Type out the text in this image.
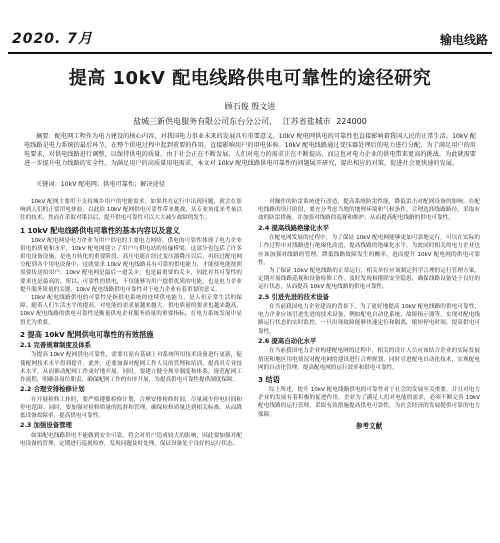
2020. 7月	输电线路
提高 10kV 配电线路供电可靠性的途径研究
顾石俊 殷文进
盐城三新供电服务有限公司东台分公司， 江苏省盐城市 224000
摘要：配电网工程作为电力建设的核心内容，对我国电力事业未来的发展具有重要意义。10kV 配电网供电的可靠性也直接影响着我国人民的正常生活。10kV 配电线路是电力系统的最后环节，在整个供电过程中起到重要的作用，直接影响用户的用电体验。10kV 配电线路通过变压器处理后的电力进行分配，为了满足用户的用电要求，对供电线路进行调整，以保持供电的质量。由于社会正在不断发展，人们对电力的需求正在不断提高，而这也对电力企业的供电带来更高的挑战，为此就需要进一步提升电力线路的安全性。为满足用户的高质量用电需求，本文对 10kV 配电线路供电可靠性的问题展开研究，提出相应的对策，促进社会更快速的发展。
关键词：10kV 配电网；供电可靠性；解决途径

10kV 配网主要用于支持城乡用户的电能需求。如果其在运行中出现问题，就会在影响到人们的正常用电体验，以此给 10kV 配网供电可靠性带来挑战，从专业角度来考量以往的技术，然而在采取对策以后，提升供电可靠性可以大大减少故障的发生。

1 10kV 配电线路供电可靠性的基本内容以及意义

10kV 配电网是电力企业为用户供电的主要电力网络。供电的可靠性体现了电力企业供电的质量和水平，10kV 配电网建立了用户与供电站的传输桥梁，这部分也包括了许多供电设备设施，是电力转化的重要阶段。高压电能在经过变压器降压以后，再经过配电网分配到各个用电设备中，这就要求 10kV 配电线路具有可靠的供电能力，才能使电能按照需要传送给用户。10kV 配电网是最后一道关卡，也是最重要的关卡，因此对其可靠性的要求也是最高的。所以，可靠性的供电，不仅能够为用户提供优质的电能，也是电力企业提升服务质量的关键，10kV 配电线路供电可靠性对于电力企业有着重要的意义。

10kV 配电线路供电的可靠性是指供电系统的连续供电能力，是人们正常生活的保障。随着人们生活水平的提高，对电能的需求量越来越大，供电质量的要求也越来越高，10kV 配电线路的供电可靠性是衡量供电企业服务质量的重要指标，在电力系统发展中显得尤为重要。

2 提高 10kV 配网供电可靠性的有效措施
2.1 完善规章制度及体系

为提高 10kV 配网供电可靠性，需要在原有基础上对系统所用技术设备进行更新，促使配网技术水平得到提升。此外，还要加强对配网工作人员的管理和培训，提高其专业技术水平，从而推动配网工作更好地开展。同时，要建立健全规章制度和体系，规范配网工作流程，明确各岗位职责，确保配网工作的有序开展，为提高供电可靠性提供制度保障。

2.2 合理安排检修计划

在开展检修工作时，要严格遵循检修计划，合理安排检修时间，尽量减少停电时间和停电范围。同时，要加强对检修质量的监督和管理，确保检修质量达到相关标准，从而降低设备故障率，提高供电可靠性。

2.3 加强设备管理

如果配电线路供电不能做到安全可靠，将会对用户造成较大的影响，因此要加强对配电设备的管理，定期进行巡视检查，发现问题及时处理，保证设备处于良好的运行状态。

对操作的防雷系统进行改造，提高系统防雷性能，降低雷击对配网设备的影响。在配电线路的设计阶段，要充分考虑当地的地理环境和气候条件，合理选择线路路径，采取有效的防雷措施，并加强对线路的巡视和维护，从而提高配电线路的供电可靠性。

2.4 提高线路绝缘化水平

在配电网发展的过程中，为了保证 10kV 配电网能够更加可靠地运行，可以在实际的工作过程中对线路进行绝缘化改造，提高线路的绝缘化水平，为此同时相关的电力企业也应该加强对线路的管理，降低线路故障发生的概率，进而提升 10kV 配电网的供电可靠性。

为了保证 10kV 配电线路的正常运行，相关单位应该制定科学合理的运行管理方案，定期开展线路巡视和设备检修工作，及时发现和排除安全隐患，确保线路设备处于良好的运行状态，从而提高 10kV 配电线路的供电可靠性。

2.5 引进先进的技术设备

在当前我国电力企业建设的背景下，为了更好地提高 10kV 配电线路的供电可靠性，电力企业应该引进先进的技术设备，例如配电自动化系统、故障指示器等，实现对配电线路运行状态的实时监控，一旦出现故障能够快速定位和隔离，缩短停电时间，提高供电可靠性。

2.6 提高自动化水平

在当前我国电力企业构建配电网的过程中，相关的设计人员应该结合企业的实际发展情况和地区用电情况对配电网的建设进行合理规划，同时引进配电自动化技术，实现配电网的自动化管理，提高配电网的运行效率和供电可靠性。

3 结语

综上所述，提升 10kV 配电线路供电的可靠性对于社会的发展至关重要，并且对电力企业的发展有着积极的促进作用。企业为了满足人们对电能的需求，必须不断完善 10kV 配电线路的运行管理，采取有效措施提高供电可靠性，为社会经济的发展提供可靠的电力保障。

参考文献
